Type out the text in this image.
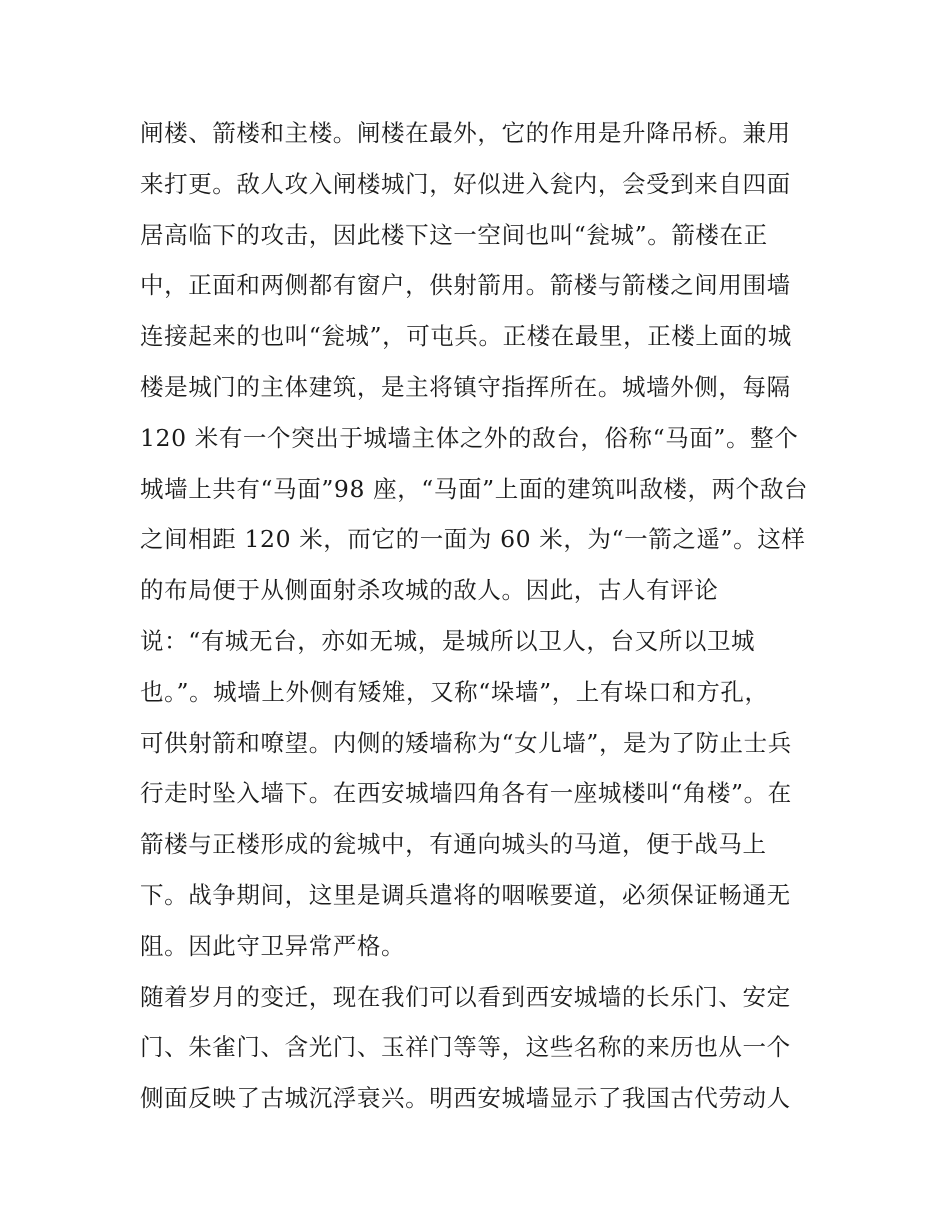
闸楼、箭楼和主楼。闸楼在最外，它的作用是升降吊桥。兼用
来打更。敌人攻入闸楼城门，好似进入瓮内，会受到来自四面
居高临下的攻击，因此楼下这一空间也叫“瓮城”。箭楼在正
中，正面和两侧都有窗户，供射箭用。箭楼与箭楼之间用围墙
连接起来的也叫“瓮城”，可屯兵。正楼在最里，正楼上面的城
楼是城门的主体建筑，是主将镇守指挥所在。城墙外侧，每隔
120 米有一个突出于城墙主体之外的敌台，俗称“马面”。整个
城墙上共有“马面”98 座，“马面”上面的建筑叫敌楼，两个敌台
之间相距 120 米，而它的一面为 60 米，为“一箭之遥”。这样
的布局便于从侧面射杀攻城的敌人。因此，古人有评论
说：“有城无台，亦如无城，是城所以卫人，台又所以卫城
也。”。城墙上外侧有矮雉，又称“垛墙”，上有垛口和方孔，
可供射箭和嘹望。内侧的矮墙称为“女儿墙”，是为了防止士兵
行走时坠入墙下。在西安城墙四角各有一座城楼叫“角楼”。在
箭楼与正楼形成的瓮城中，有通向城头的马道，便于战马上
下。战争期间，这里是调兵遣将的咽喉要道，必须保证畅通无
阻。因此守卫异常严格。
随着岁月的变迁，现在我们可以看到西安城墙的长乐门、安定
门、朱雀门、含光门、玉祥门等等，这些名称的来历也从一个
侧面反映了古城沉浮衰兴。明西安城墙显示了我国古代劳动人
